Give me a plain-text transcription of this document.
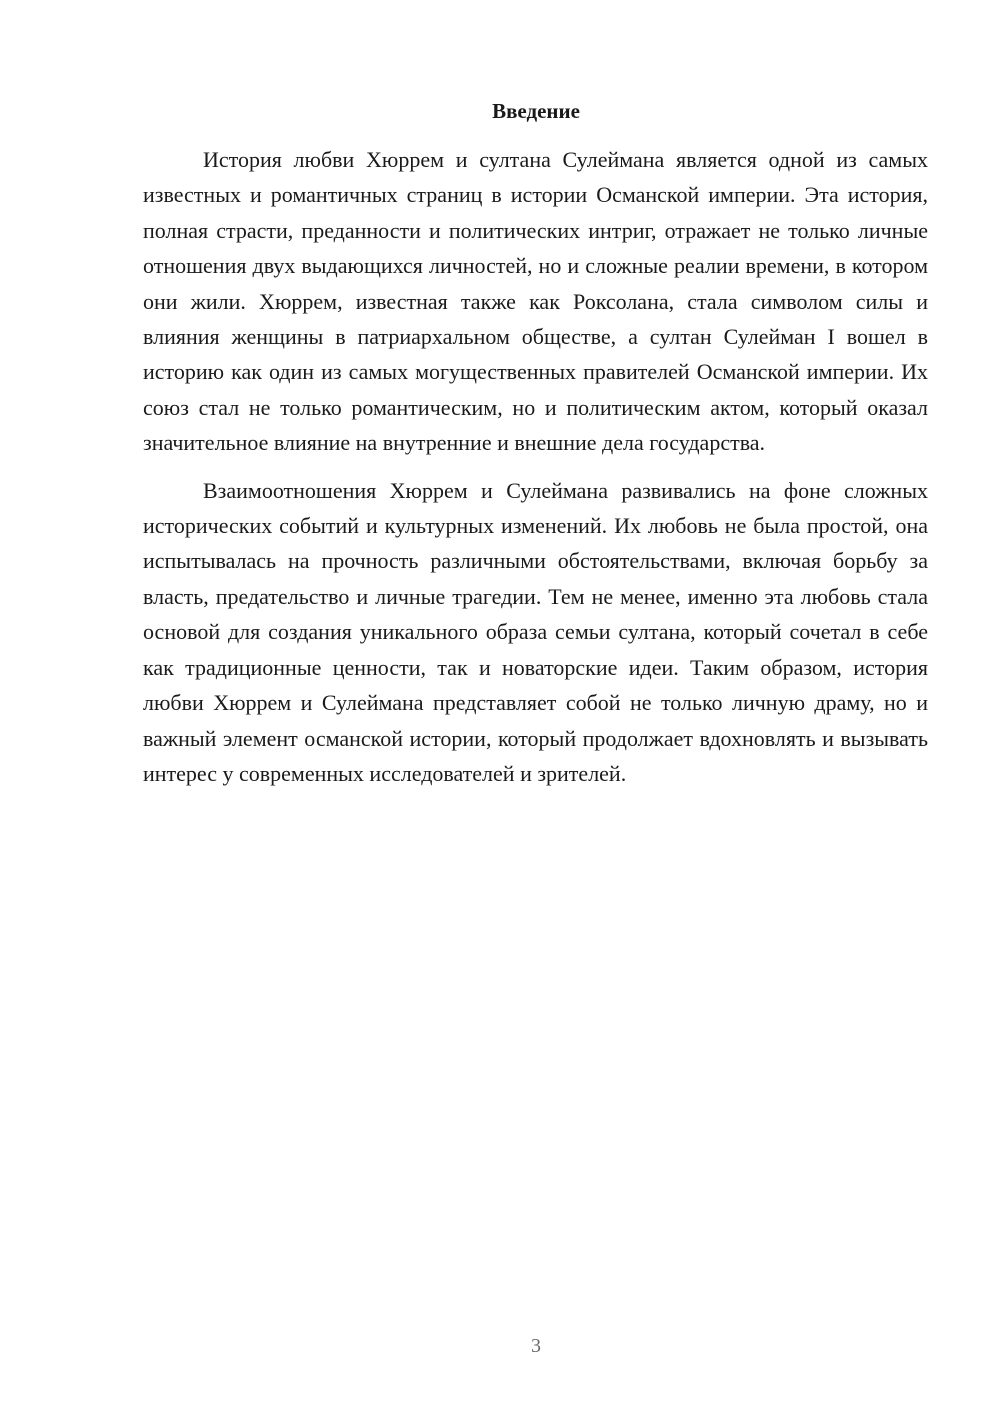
Введение

История любви Хюррем и султана Сулеймана является одной из самых известных и романтичных страниц в истории Османской империи. Эта история, полная страсти, преданности и политических интриг, отражает не только личные отношения двух выдающихся личностей, но и сложные реалии времени, в котором они жили. Хюррем, известная также как Роксолана, стала символом силы и влияния женщины в патриархальном обществе, а султан Сулейман I вошел в историю как один из самых могущественных правителей Османской империи. Их союз стал не только романтическим, но и политическим актом, который оказал значительное влияние на внутренние и внешние дела государства.

Взаимоотношения Хюррем и Сулеймана развивались на фоне сложных исторических событий и культурных изменений. Их любовь не была простой, она испытывалась на прочность различными обстоятельствами, включая борьбу за власть, предательство и личные трагедии. Тем не менее, именно эта любовь стала основой для создания уникального образа семьи султана, который сочетал в себе как традиционные ценности, так и новаторские идеи. Таким образом, история любви Хюррем и Сулеймана представляет собой не только личную драму, но и важный элемент османской истории, который продолжает вдохновлять и вызывать интерес у современных исследователей и зрителей.

3
